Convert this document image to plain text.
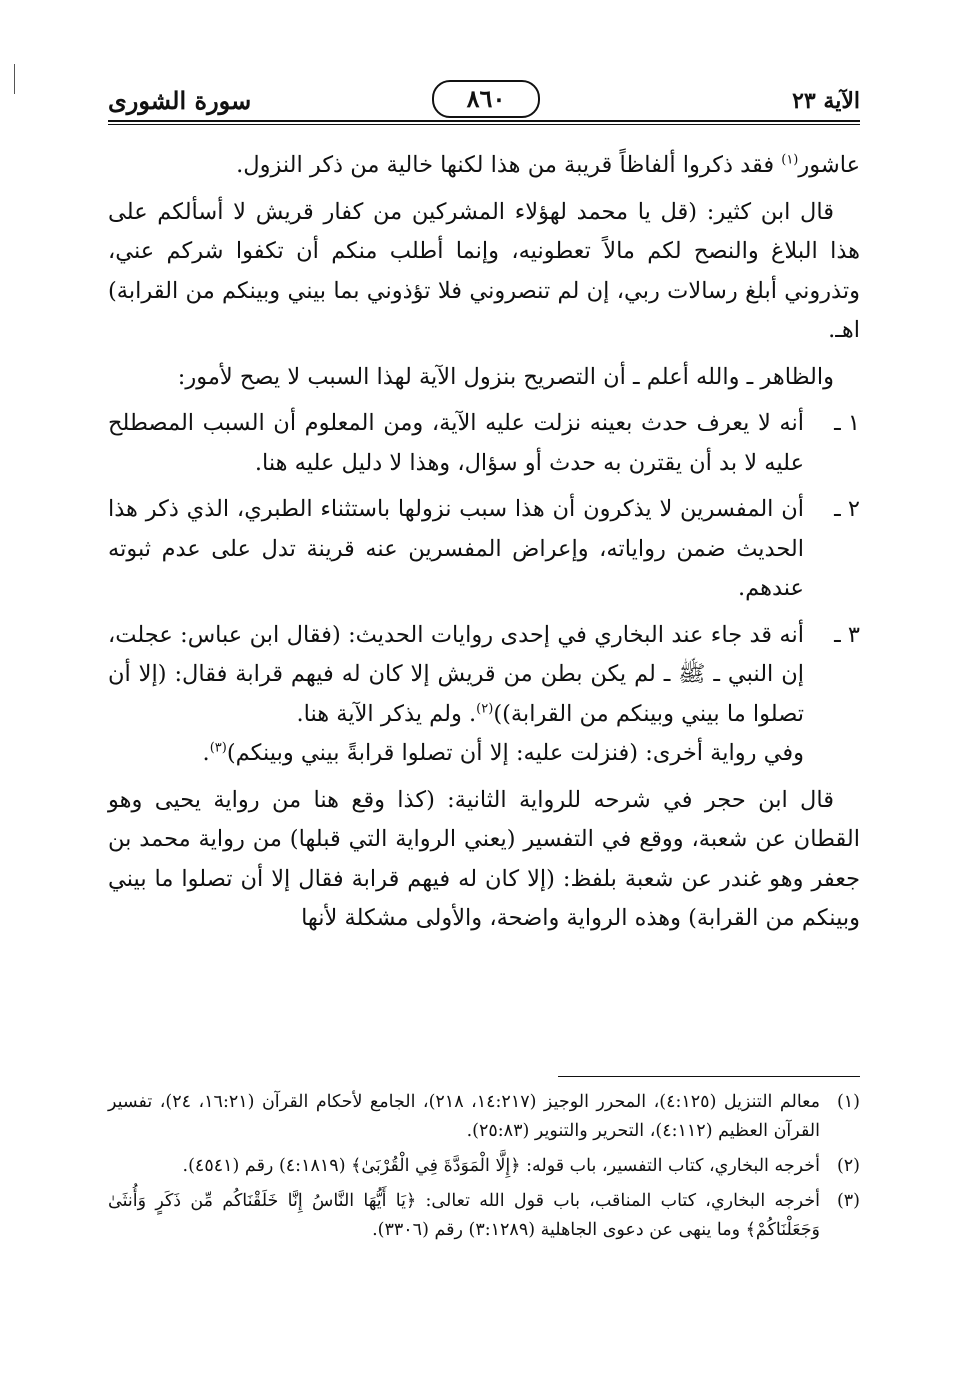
الآية ٢٣
٨٦٠
سورة الشورى

عاشور$^{(١)}$ فقد ذكروا ألفاظاً قريبة من هذا لكنها خالية من ذكر النزول.

قال ابن كثير: (قل يا محمد لهؤلاء المشركين من كفار قريش لا أسألكم على هذا البلاغ والنصح لكم مالاً تعطونيه، وإنما أطلب منكم أن تكفوا شركم عني، وتذروني أبلغ رسالات ربي، إن لم تنصروني فلا تؤذوني بما بيني وبينكم من القرابة) اهـ.

والظاهر ـ والله أعلم ـ أن التصريح بنزول الآية لهذا السبب لا يصح لأمور:

١ ـ
أنه لا يعرف حدث بعينه نزلت عليه الآية، ومن المعلوم أن السبب المصطلح عليه لا بد أن يقترن به حدث أو سؤال، وهذا لا دليل عليه هنا.
٢ ـ
أن المفسرين لا يذكرون أن هذا سبب نزولها باستثناء الطبري، الذي ذكر هذا الحديث ضمن رواياته، وإعراض المفسرين عنه قرينة تدل على عدم ثبوته عندهم.
٣ ـ
أنه قد جاء عند البخاري في إحدى روايات الحديث: (فقال ابن عباس: عجلت، إن النبي ـ ﷺ ـ لم يكن بطن من قريش إلا كان له فيهم قرابة فقال: (إلا أن تصلوا ما بيني وبينكم من القرابة))$^{(٢)}$. ولم يذكر الآية هنا.
وفي رواية أخرى: (فنزلت عليه: إلا أن تصلوا قرابةً بيني وبينكم)$^{(٣)}$.

قال ابن حجر في شرحه للرواية الثانية: (كذا وقع هنا من رواية يحيى وهو القطان عن شعبة، ووقع في التفسير (يعني الرواية التي قبلها) من رواية محمد بن جعفر وهو غندر عن شعبة بلفظ: (إلا كان له فيهم قرابة فقال إلا أن تصلوا ما بيني وبينكم من القرابة) وهذه الرواية واضحة، والأولى مشكلة لأنها

(١)
معالم التنزيل (٤:١٢٥)، المحرر الوجيز (١٤:٢١٧، ٢١٨)، الجامع لأحكام القرآن (١٦:٢١، ٢٤)، تفسير القرآن العظيم (٤:١١٢)، التحرير والتنوير (٢٥:٨٣).
(٢)
أخرجه البخاري، كتاب التفسير، باب قوله: ﴿إِلَّا الْمَوَدَّةَ فِي الْقُرْبَىٰ﴾ (٤:١٨١٩) رقم (٤٥٤١).
(٣)
أخرجه البخاري، كتاب المناقب، باب قول الله تعالى: ﴿يَا أَيُّهَا النَّاسُ إِنَّا خَلَقْنَاكُم مِّن ذَكَرٍ وَأُنثَىٰ وَجَعَلْنَاكُمْ﴾ وما ينهى عن دعوى الجاهلية (٣:١٢٨٩) رقم (٣٣٠٦).
